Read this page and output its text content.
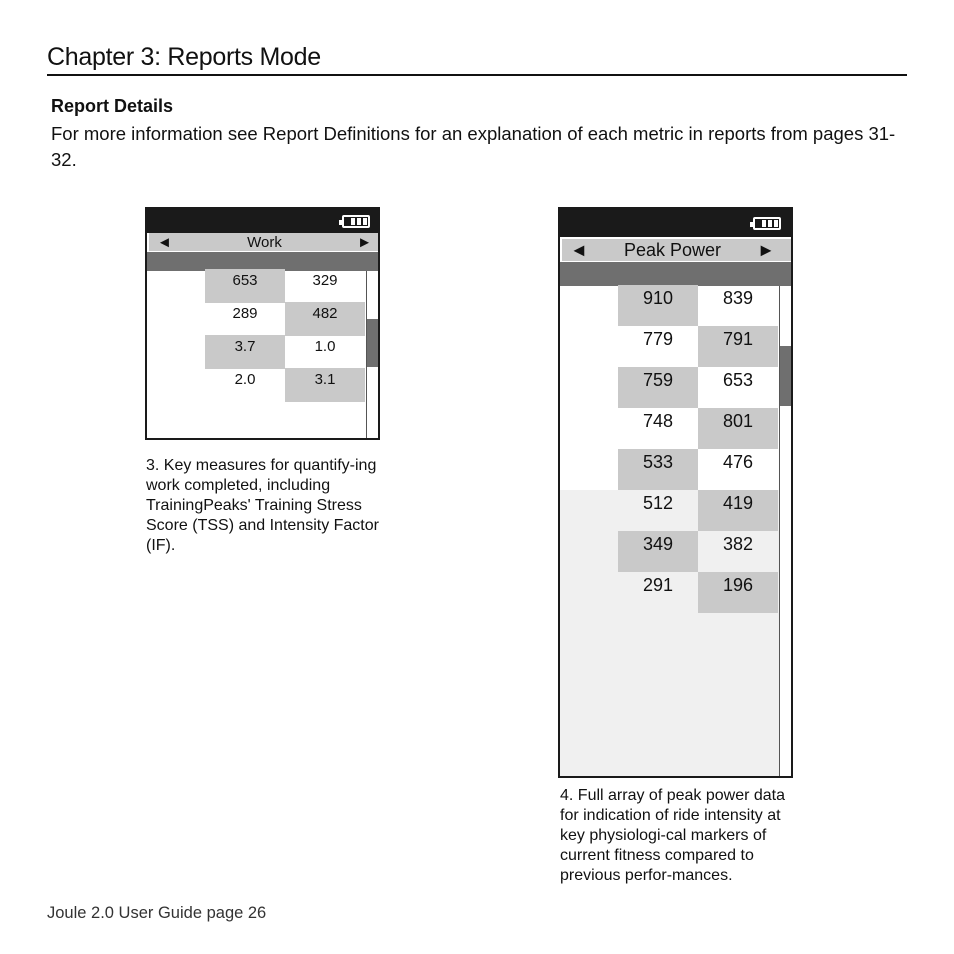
Chapter 3: Reports Mode
Report Details
For more information see Report Definitions for an explanation of each metric in reports from pages 31-32.
◄	Work	►
653	329
289	482
3.7	1.0
2.0	3.1
3. Key measures for quantify-ing work completed, including TrainingPeaks' Training Stress Score (TSS) and Intensity Factor (IF).
◄ Peak Power ►
910	839
779	791
759	653
748	801
533	476
512	419
349	382
291	196
4. Full array of peak power data for indication of ride intensity at key physiologi-cal markers of current fitness compared to previous perfor-mances.
Joule 2.0 User Guide page 26
